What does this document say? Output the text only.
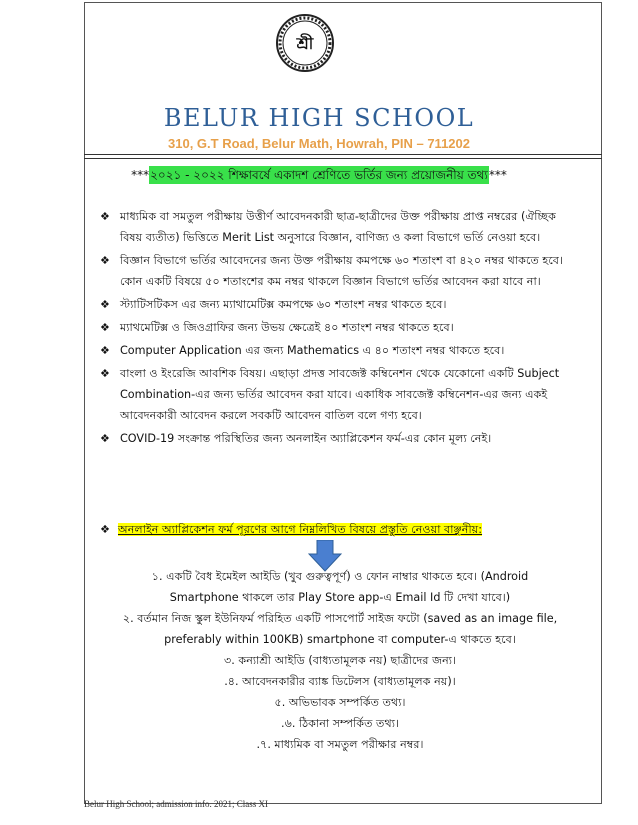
শ্রী
BELUR HIGH SCHOOL
310, G.T Road, Belur Math, Howrah, PIN – 711202
***২০২১ - ২০২২ শিক্ষাবর্ষে একাদশ শ্রেণিতে ভর্তির জন্য প্রয়োজনীয় তথ্য***
❖ মাধ্যমিক বা সমতুল পরীক্ষায় উত্তীর্ণ আবেদনকারী ছাত্র-ছাত্রীদের উক্ত পরীক্ষায় প্রাপ্ত নম্বরের (ঐচ্ছিক বিষয় ব্যতীত) ভিত্তিতে Merit List অনুসারে বিজ্ঞান, বাণিজ্য ও কলা বিভাগে ভর্তি নেওয়া হবে।
❖ বিজ্ঞান বিভাগে ভর্তির আবেদনের জন্য উক্ত পরীক্ষায় কমপক্ষে ৬০ শতাংশ বা ৪২০ নম্বর থাকতে হবে। কোন একটি বিষয়ে ৫০ শতাংশের কম নম্বর থাকলে বিজ্ঞান বিভাগে ভর্তির আবেদন করা যাবে না।
❖ স্ট্যাটিসটিকস এর জন্য ম্যাথামেটিক্স কমপক্ষে ৬০ শতাংশ নম্বর থাকতে হবে।
❖ ম্যাথমেটিক্স ও জিওগ্রাফির জন্য উভয় ক্ষেত্রেই ৪০ শতাংশ নম্বর থাকতে হবে।
❖ Computer Application এর জন্য Mathematics এ ৪০ শতাংশ নম্বর থাকতে হবে।
❖ বাংলা ও ইংরেজি আবশিক বিষয়। এছাড়া প্রদত্ত সাবজেক্ট কম্বিনেশন থেকে যেকোনো একটি Subject Combination-এর জন্য ভর্তির আবেদন করা যাবে। একাধিক সাবজেক্ট কম্বিনেশন-এর জন্য একই আবেদনকারী আবেদন করলে সবকটি আবেদন বাতিল বলে গণ্য হবে।
❖ COVID-19 সংক্রান্ত পরিস্থিতির জন্য অনলাইন অ্যাপ্লিকেশন ফর্ম-এর কোন মূল্য নেই।
❖ অনলাইন অ্যাপ্লিকেশন ফর্ম পূরণের আগে নিম্নলিখিত বিষয়ে প্রস্তুতি নেওয়া বাঞ্ছনীয়:
১. একটি বৈধ ইমেইল আইডি (খুব গুরুত্বপূর্ণ) ও ফোন নাম্বার থাকতে হবে। (Android
Smartphone থাকলে তার Play Store app-এ Email Id টি দেখা যাবে।)
২. বর্তমান নিজ স্কুল ইউনিফর্ম পরিহিত একটি পাসপোর্ট সাইজ ফটো (saved as an image file,
preferably within 100KB) smartphone বা computer-এ থাকতে হবে।
৩. কন্যাশ্রী আইডি (বাধ্যতামূলক নয়) ছাত্রীদের জন্য।
.৪. আবেদনকারীর ব্যাঙ্ক ডিটেলস (বাধ্যতামূলক নয়)।
৫. অভিভাবক সম্পর্কিত তথ্য।
.৬. ঠিকানা সম্পর্কিত তথ্য।
.৭. মাধ্যমিক বা সমতুল পরীক্ষার নম্বর।
Belur High School; admission info. 2021; Class XI
